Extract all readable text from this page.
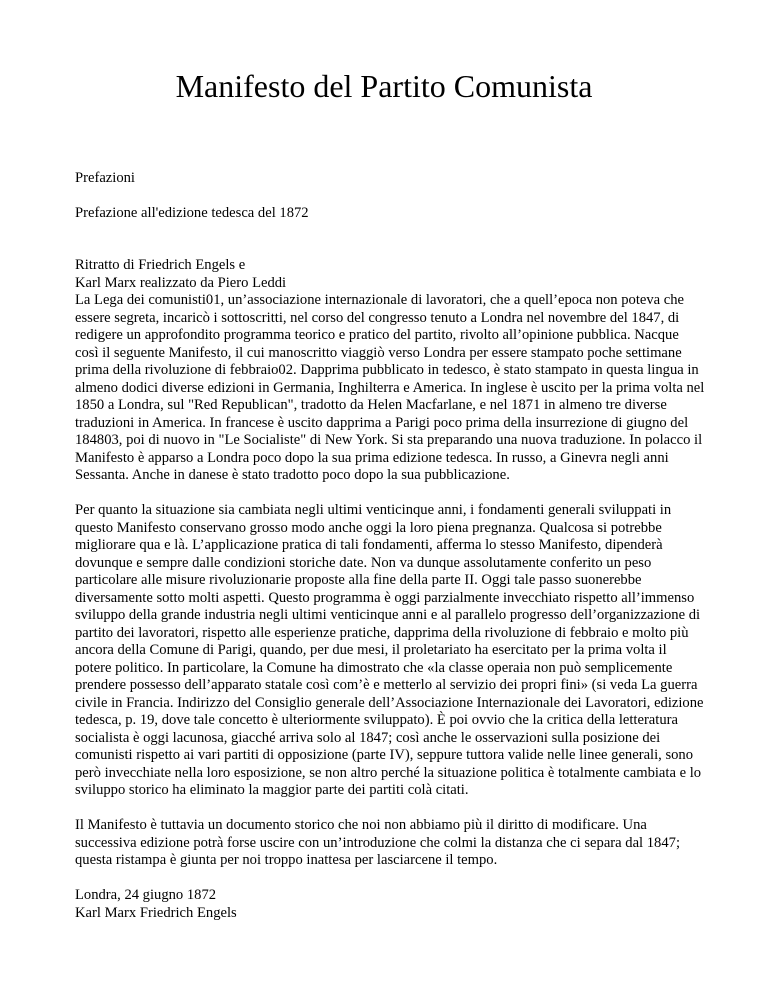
Manifesto del Partito Comunista

Prefazioni

Prefazione all'edizione tedesca del 1872

Ritratto di Friedrich Engels e

Karl Marx realizzato da Piero Leddi

La Lega dei comunisti01, un’associazione internazionale di lavoratori, che a quell’epoca non poteva che essere segreta, incaricò i sottoscritti, nel corso del congresso tenuto a Londra nel novembre del 1847, di redigere un approfondito programma teorico e pratico del partito, rivolto all’opinione pubblica. Nacque così il seguente Manifesto, il cui manoscritto viaggiò verso Londra per essere stampato poche settimane prima della rivoluzione di febbraio02. Dapprima pubblicato in tedesco, è stato stampato in questa lingua in almeno dodici diverse edizioni in Germania, Inghilterra e America. In inglese è uscito per la prima volta nel 1850 a Londra, sul "Red Republican", tradotto da Helen Macfarlane, e nel 1871 in almeno tre diverse traduzioni in America. In francese è uscito dapprima a Parigi poco prima della insurrezione di giugno del 184803, poi di nuovo in "Le Socialiste" di New York. Si sta preparando una nuova traduzione. In polacco il Manifesto è apparso a Londra poco dopo la sua prima edizione tedesca. In russo, a Ginevra negli anni Sessanta. Anche in danese è stato tradotto poco dopo la sua pubblicazione.

Per quanto la situazione sia cambiata negli ultimi venticinque anni, i fondamenti generali sviluppati in questo Manifesto conservano grosso modo anche oggi la loro piena pregnanza. Qualcosa si potrebbe migliorare qua e là. L’applicazione pratica di tali fondamenti, afferma lo stesso Manifesto, dipenderà dovunque e sempre dalle condizioni storiche date. Non va dunque assolutamente conferito un peso particolare alle misure rivoluzionarie proposte alla fine della parte II. Oggi tale passo suonerebbe diversamente sotto molti aspetti. Questo programma è oggi parzialmente invecchiato rispetto all’immenso sviluppo della grande industria negli ultimi venticinque anni e al parallelo progresso dell’organizzazione di partito dei lavoratori, rispetto alle esperienze pratiche, dapprima della rivoluzione di febbraio e molto più ancora della Comune di Parigi, quando, per due mesi, il proletariato ha esercitato per la prima volta il potere politico. In particolare, la Comune ha dimostrato che «la classe operaia non può semplicemente prendere possesso dell’apparato statale così com’è e metterlo al servizio dei propri fini» (si veda La guerra civile in Francia. Indirizzo del Consiglio generale dell’Associazione Internazionale dei Lavoratori, edizione tedesca, p. 19, dove tale concetto è ulteriormente sviluppato). È poi ovvio che la critica della letteratura socialista è oggi lacunosa, giacché arriva solo al 1847; così anche le osservazioni sulla posizione dei comunisti rispetto ai vari partiti di opposizione (parte IV), seppure tuttora valide nelle linee generali, sono però invecchiate nella loro esposizione, se non altro perché la situazione politica è totalmente cambiata e lo sviluppo storico ha eliminato la maggior parte dei partiti colà citati.

Il Manifesto è tuttavia un documento storico che noi non abbiamo più il diritto di modificare. Una successiva edizione potrà forse uscire con un’introduzione che colmi la distanza che ci separa dal 1847; questa ristampa è giunta per noi troppo inattesa per lasciarcene il tempo.

Londra, 24 giugno 1872

Karl Marx Friedrich Engels
